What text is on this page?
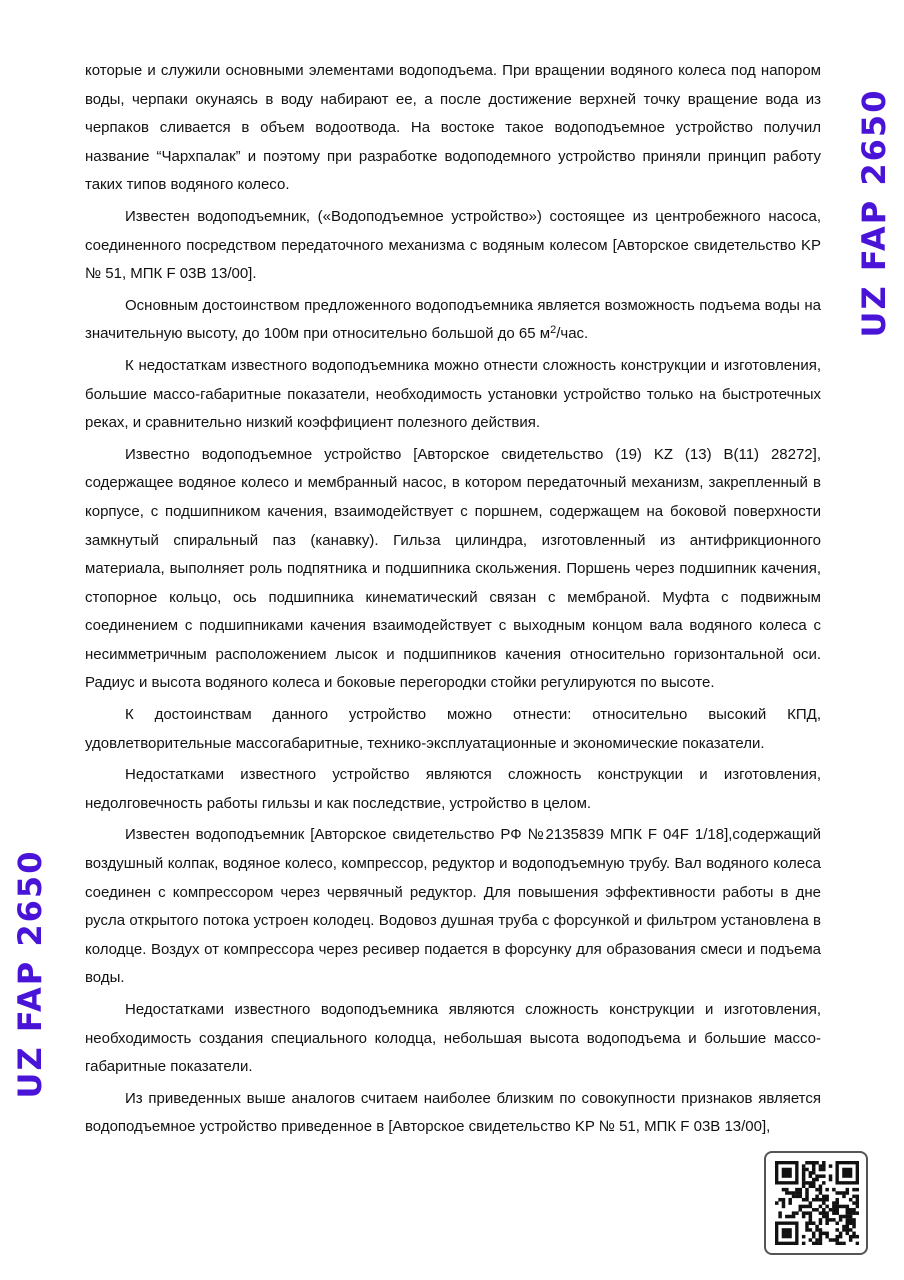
UZ FAP 2650
UZ FAP 2650

которые и служили основными элементами водоподъема. При вращении водяного колеса под напором воды, черпаки окунаясь в воду набирают ее, а после достижение верхней точку вращение вода из черпаков сливается в объем водоотвода. На востоке такое водоподъемное устройство получил название “Чархпалак” и поэтому при разработке водоподемного устройство приняли принцип работу таких типов водяного колесо.

Известен водоподъемник, («Водоподъемное устройство») состоящее из центробежного насоса, соединенного посредством передаточного механизма с водяным колесом [Авторское свидетельство KP № 51, МПК F 03B 13/00].

Основным достоинством предложенного водоподъемника является возможность подъема воды на значительную высоту, до 100м при относительно большой до 65 $м^2$/час.

К недостаткам известного водоподъемника можно отнести сложность конструкции и изготовления, большие массо-габаритные показатели, необходимость установки устройство только на быстротечных реках, и сравнительно низкий коэффициент полезного действия.

Известно водоподъемное устройство [Авторское свидетельство (19) KZ (13) B(11) 28272], содержащее водяное колесо и мембранный насос, в котором передаточный механизм, закрепленный в корпусе, с подшипником качения, взаимодействует с поршнем, содержащем на боковой поверхности замкнутый спиральный паз (канавку). Гильза цилиндра, изготовленный из антифрикционного материала, выполняет роль подпятника и подшипника скольжения. Поршень через подшипник качения, стопорное кольцо, ось подшипника кинематический связан с мембраной. Муфта с подвижным соединением с подшипниками качения взаимодействует с выходным концом вала водяного колеса с несимметричным расположением лысок и подшипников качения относительно горизонтальной оси. Радиус и высота водяного колеса и боковые перегородки стойки регулируются по высоте.

К достоинствам данного устройство можно отнести: относительно высокий КПД, удовлетворительные массогабаритные, технико-эксплуатационные и экономические показатели.

Недостатками известного устройство являются сложность конструкции и изготовления, недолговечность работы гильзы и как последствие, устройство в целом.

Известен водоподъемник [Авторское свидетельство РФ №2135839 МПК F 04F 1/18],содержащий воздушный колпак, водяное колесо, компрессор, редуктор и водоподъемную трубу. Вал водяного колеса соединен с компрессором через червячный редуктор. Для повышения эффективности работы в дне русла открытого потока устроен колодец. Водовоз душная труба с форсункой и фильтром установлена в колодце. Воздух от компрессора через ресивер подается в форсунку для образования смеси и подъема воды.

Недостатками известного водоподъемника являются сложность конструкции и изготовления, необходимость создания специального колодца, небольшая высота водоподъема и большие массо-габаритные показатели.

Из приведенных выше аналогов считаем наиболее близким по совокупности признаков является водоподъемное устройство приведенное в [Авторское свидетельство KP № 51, МПК F 03B 13/00],
